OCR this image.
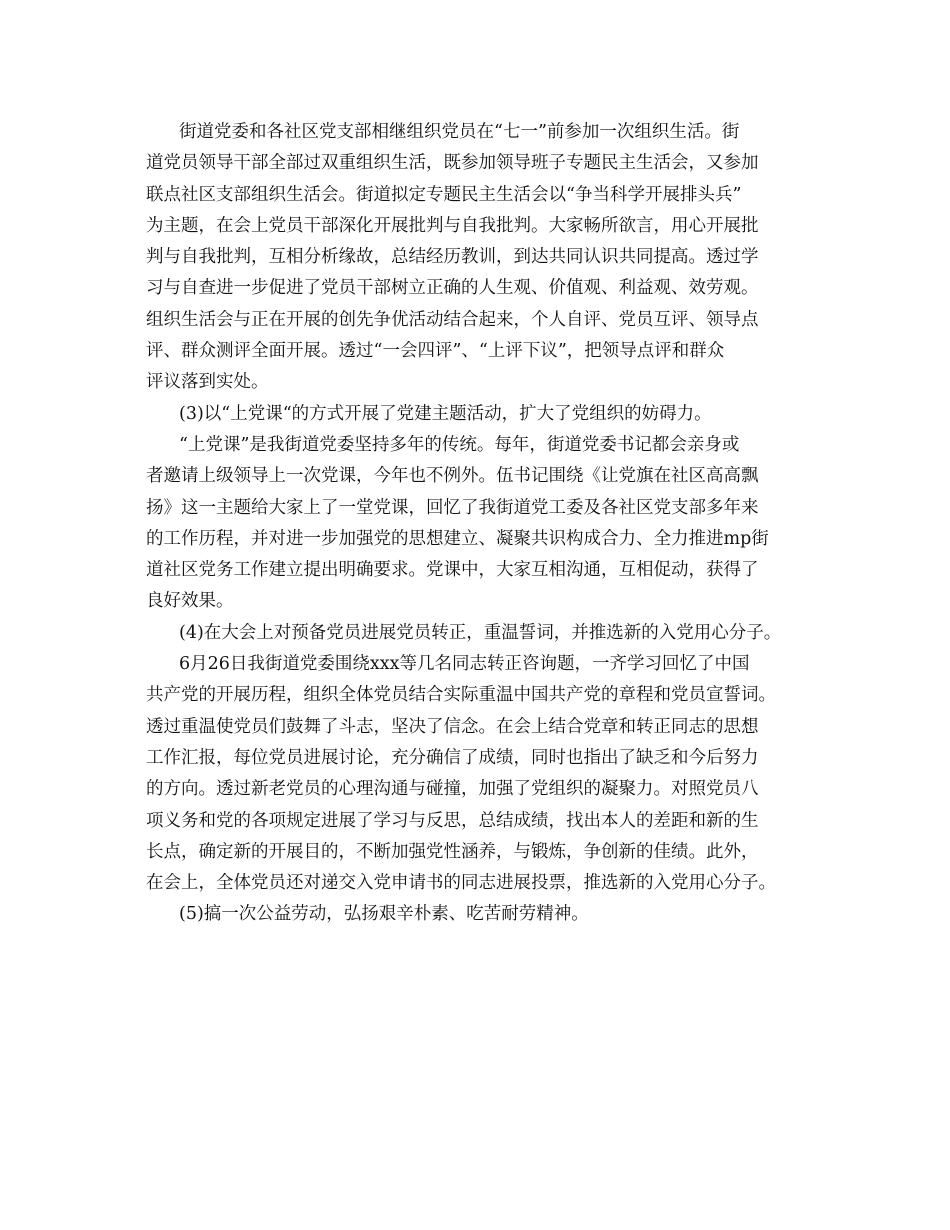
街道党委和各社区党支部相继组织党员在“七一”前参加一次组织生活。街
道党员领导干部全部过双重组织生活，既参加领导班子专题民主生活会，又参加
联点社区支部组织生活会。街道拟定专题民主生活会以“争当科学开展排头兵”
为主题，在会上党员干部深化开展批判与自我批判。大家畅所欲言，用心开展批
判与自我批判，互相分析缘故，总结经历教训，到达共同认识共同提高。透过学
习与自查进一步促进了党员干部树立正确的人生观、价值观、利益观、效劳观。
组织生活会与正在开展的创先争优活动结合起来，个人自评、党员互评、领导点
评、群众测评全面开展。透过“一会四评”、“上评下议”，把领导点评和群众
评议落到实处。
(3)以“上党课“的方式开展了党建主题活动，扩大了党组织的妨碍力。
“上党课”是我街道党委坚持多年的传统。每年，街道党委书记都会亲身或
者邀请上级领导上一次党课，今年也不例外。伍书记围绕《让党旗在社区高高飘
扬》这一主题给大家上了一堂党课，回忆了我街道党工委及各社区党支部多年来
的工作历程，并对进一步加强党的思想建立、凝聚共识构成合力、全力推进mp街
道社区党务工作建立提出明确要求。党课中，大家互相沟通，互相促动，获得了
良好效果。
(4)在大会上对预备党员进展党员转正，重温誓词，并推选新的入党用心分子。
6月26日我街道党委围绕xxx等几名同志转正咨询题，一齐学习回忆了中国
共产党的开展历程，组织全体党员结合实际重温中国共产党的章程和党员宣誓词。
透过重温使党员们鼓舞了斗志，坚决了信念。在会上结合党章和转正同志的思想
工作汇报，每位党员进展讨论，充分确信了成绩，同时也指出了缺乏和今后努力
的方向。透过新老党员的心理沟通与碰撞，加强了党组织的凝聚力。对照党员八
项义务和党的各项规定进展了学习与反思，总结成绩，找出本人的差距和新的生
长点，确定新的开展目的，不断加强党性涵养，与锻炼，争创新的佳绩。此外，
在会上，全体党员还对递交入党申请书的同志进展投票，推选新的入党用心分子。
(5)搞一次公益劳动，弘扬艰辛朴素、吃苦耐劳精神。
